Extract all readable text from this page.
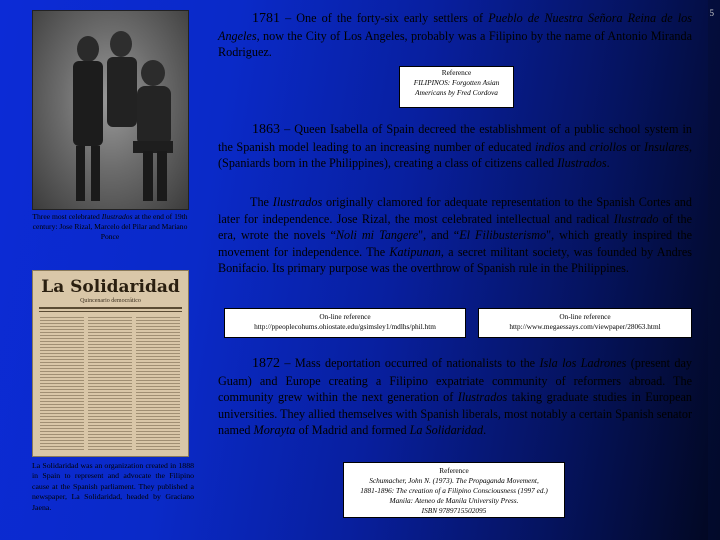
5
Three most celebrated Ilustrados at the end of 19th century: Jose Rizal, Marcelo del Pilar and Mariano Ponce
La Solidaridad
Quincenario democrático
La Solidaridad was an organization created in 1888 in Spain to represent and advocate the Filipino cause at the Spanish parliament. They published a newspaper, La Solidaridad, headed by Graciano Jaena.

1781 – One of the forty-six early settlers of Pueblo de Nuestra Señora Reina de los Angeles, now the City of Los Angeles, probably was a Filipino by the name of Antonio Miranda Rodriguez.

Reference
FILIPINOS: Forgotten Asian Americans by Fred Cordova

1863 – Queen Isabella of Spain decreed the establishment of a public school system in the Spanish model leading to an increasing number of educated indios and criollos or Insulares, (Spaniards born in the Philippines), creating a class of citizens called Ilustrados.

The Ilustrados originally clamored for adequate representation to the Spanish Cortes and later for independence. Jose Rizal, the most celebrated intellectual and radical Ilustrado of the era, wrote the novels “Noli mi Tangere", and “El Filibusterismo", which greatly inspired the movement for independence. The Katipunan, a secret militant society, was founded by Andres Bonifacio. Its primary purpose was the overthrow of Spanish rule in the Philippines.

On-line reference
http://ppeoplecohums.ohiostate.edu/gsimsley1/mdlhs/phil.htm
On-line reference
http://www.megaessays.com/viewpaper/28063.html

1872 – Mass deportation occurred of nationalists to the Isla los Ladrones (present day Guam) and Europe creating a Filipino expatriate community of reformers abroad. The community grew within the next generation of Ilustrados taking graduate studies in European universities. They allied themselves with Spanish liberals, most notably a certain Spanish senator named Morayta of Madrid and formed La Solidaridad.

Reference
Schumacher, John N. (1973). The Propaganda Movement,
1881-1896: The creation of a Filipino Consciousness (1997 ed.)
Manila: Ateneo de Manila University Press.
ISBN 9789715502095
